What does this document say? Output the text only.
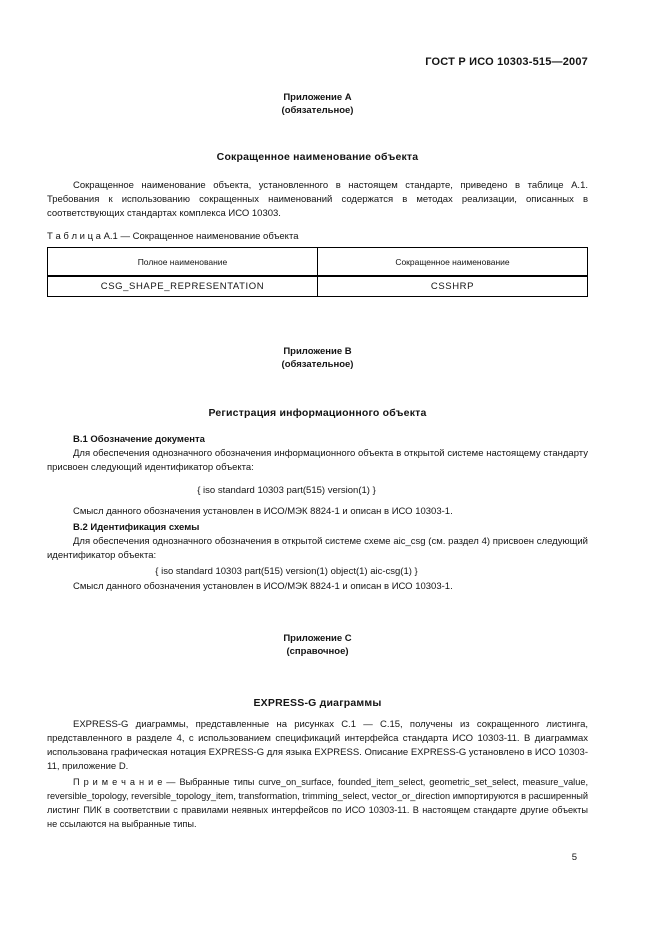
ГОСТ Р ИСО 10303-515—2007
Приложение А
(обязательное)
Сокращенное наименование объекта

Сокращенное наименование объекта, установленного в настоящем стандарте, приведено в таблице А.1. Требования к использованию сокращенных наименований содержатся в методах реализации, описанных в соответствующих стандартах комплекса ИСО 10303.

Т а б л и ц а А.1 — Сокращенное наименование объекта
Полное наименование	Сокращенное наименование
CSG_SHAPE_REPRESENTATION	CSSHRP
Приложение В
(обязательное)
Регистрация информационного объекта
В.1 Обозначение документа

Для обеспечения однозначного обозначения информационного объекта в открытой системе настоящему стандарту присвоен следующий идентификатор объекта:

{ iso standard 10303 part(515) version(1) }

Смысл данного обозначения установлен в ИСО/МЭК 8824-1 и описан в ИСО 10303-1.

В.2 Идентификация схемы

Для обеспечения однозначного обозначения в открытой системе схеме aic_csg (см. раздел 4) присвоен следующий идентификатор объекта:

{ iso standard 10303 part(515) version(1) object(1) aic-csg(1) }

Смысл данного обозначения установлен в ИСО/МЭК 8824-1 и описан в ИСО 10303-1.

Приложение С
(справочное)
EXPRESS-G диаграммы

EXPRESS-G диаграммы, представленные на рисунках С.1 — С.15, получены из сокращенного листинга, представленного в разделе 4, с использованием спецификаций интерфейса стандарта ИСО 10303-11. В диаграммах использована графическая нотация EXPRESS-G для языка EXPRESS. Описание EXPRESS-G установлено в ИСО 10303-11, приложение D.

П р и м е ч а н и е — Выбранные типы curve_on_surface, founded_item_select, geometric_set_select, measure_value, reversible_topology, reversible_topology_item, transformation, trimming_select, vector_or_direction импортируются в расширенный листинг ПИК в соответствии с правилами неявных интерфейсов по ИСО 10303-11. В настоящем стандарте другие объекты не ссылаются на выбранные типы.

5
